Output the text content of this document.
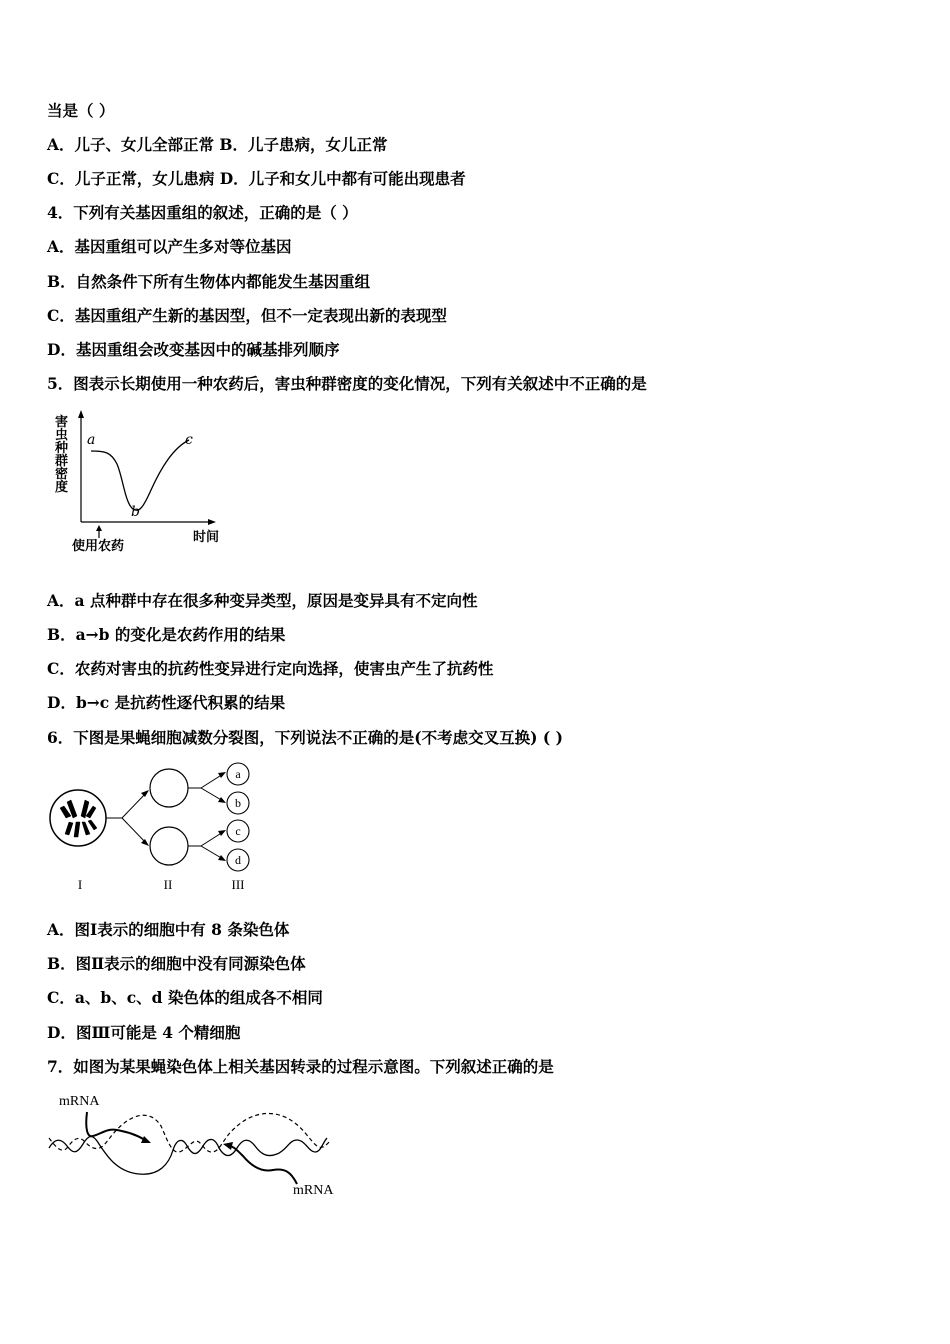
当是（ ）
A．儿子、女儿全部正常 B．儿子患病，女儿正常
C．儿子正常，女儿患病 D．儿子和女儿中都有可能出现患者
4．下列有关基因重组的叙述，正确的是（ ）
A．基因重组可以产生多对等位基因
B．自然条件下所有生物体内都能发生基因重组
C．基因重组产生新的基因型，但不一定表现出新的表现型
D．基因重组会改变基因中的碱基排列顺序
5．图表示长期使用一种农药后，害虫种群密度的变化情况，下列有关叙述中不正确的是
害
虫
种
群
密
度
a
b
c
使用农药
时间
A．a 点种群中存在很多种变异类型，原因是变异具有不定向性
B．a→b 的变化是农药作用的结果
C．农药对害虫的抗药性变异进行定向选择，使害虫产生了抗药性
D．b→c 是抗药性逐代积累的结果
6．下图是果蝇细胞减数分裂图，下列说法不正确的是(不考虑交叉互换) ( )
a
b
c
d
I	II	III
A．图Ⅰ表示的细胞中有 8 条染色体
B．图Ⅱ表示的细胞中没有同源染色体
C．a、b、c、d 染色体的组成各不相同
D．图Ⅲ可能是 4 个精细胞
7．如图为某果蝇染色体上相关基因转录的过程示意图。下列叙述正确的是
mRNA
mRNA
